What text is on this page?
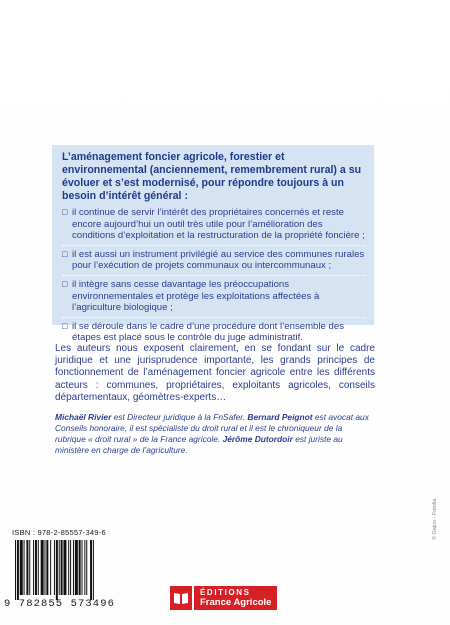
L’aménagement foncier agricole, forestier et environnemental (anciennement, remembrement rural) a su évoluer et s’est modernisé, pour répondre toujours à un besoin d’intérêt général :

□ il continue de servir l’intérêt des propriétaires concernés et reste encore aujourd’hui un outil très utile pour l’amélioration des conditions d’exploitation et la restructuration de la propriété foncière ;
□ il est aussi un instrument privilégié au service des communes rurales pour l’exécution de projets communaux ou intercommunaux ;
□ il intègre sans cesse davantage les préoccupations environnementales et protège les exploitations affectées à l’agriculture biologique ;
□ il se déroule dans le cadre d’une procédure dont l’ensemble des étapes est placé sous le contrôle du juge administratif.

Les auteurs nous exposent clairement, en se fondant sur le cadre juridique et une jurisprudence importante, les grands principes de fonctionnement de l’aménagement foncier agricole entre les différents acteurs : communes, propriétaires, exploitants agricoles, conseils départementaux, géomètres-experts…

Michaël Rivier est Directeur juridique à la FnSafer. Bernard Peignot est avocat aux Conseils honoraire, il est spécialiste du droit rural et il est le chroniqueur de la rubrique « droit rural » de la France agricole. Jérôme Dutordoir est juriste au ministère en charge de l’agriculture.

ISBN : 978-2-85557-349-6
9 782855 573496
ÉDITIONS
France Agricole
© Gajus - Fotolia
